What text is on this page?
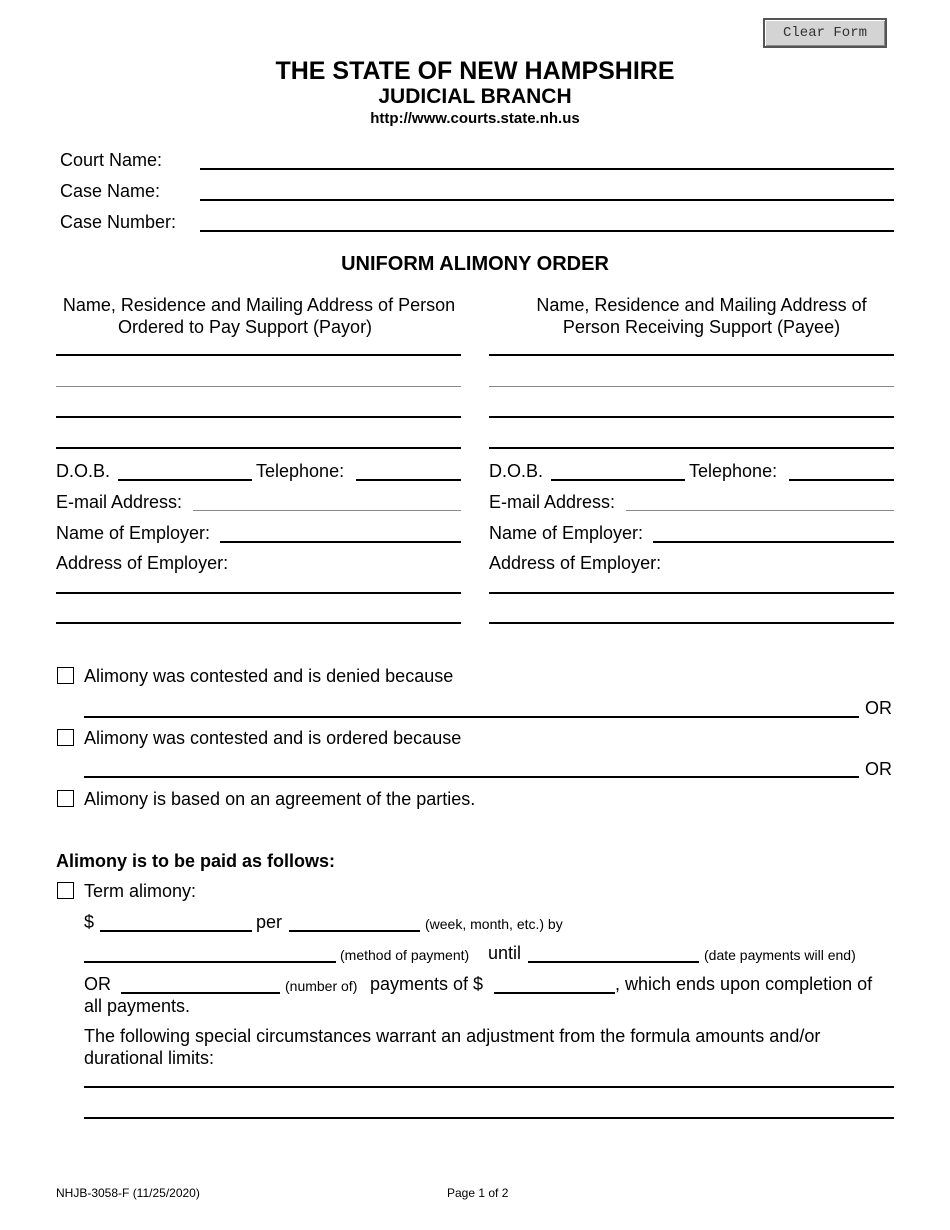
Clear Form
THE STATE OF NEW HAMPSHIRE
JUDICIAL BRANCH
http://www.courts.state.nh.us
Court Name:
Case Name:
Case Number:
UNIFORM ALIMONY ORDER
Name, Residence and Mailing Address of Person
Ordered to Pay Support (Payor)
D.O.B.	Telephone:
E-mail Address:
Name of Employer:
Address of Employer:
Name, Residence and Mailing Address of
Person Receiving Support (Payee)
D.O.B.	Telephone:
E-mail Address:
Name of Employer:
Address of Employer:
Alimony was contested and is denied because
OR
Alimony was contested and is ordered because
OR
Alimony is based on an agreement of the parties.
Alimony is to be paid as follows:
Term alimony:
$	per	(week, month, etc.) by
(method of payment) until	(date payments will end)
OR	(number of) payments of $	, which ends upon completion of
all payments.
The following special circumstances warrant an adjustment from the formula amounts and/or
durational limits:
NHJB-3058-F (11/25/2020)	Page 1 of 2
